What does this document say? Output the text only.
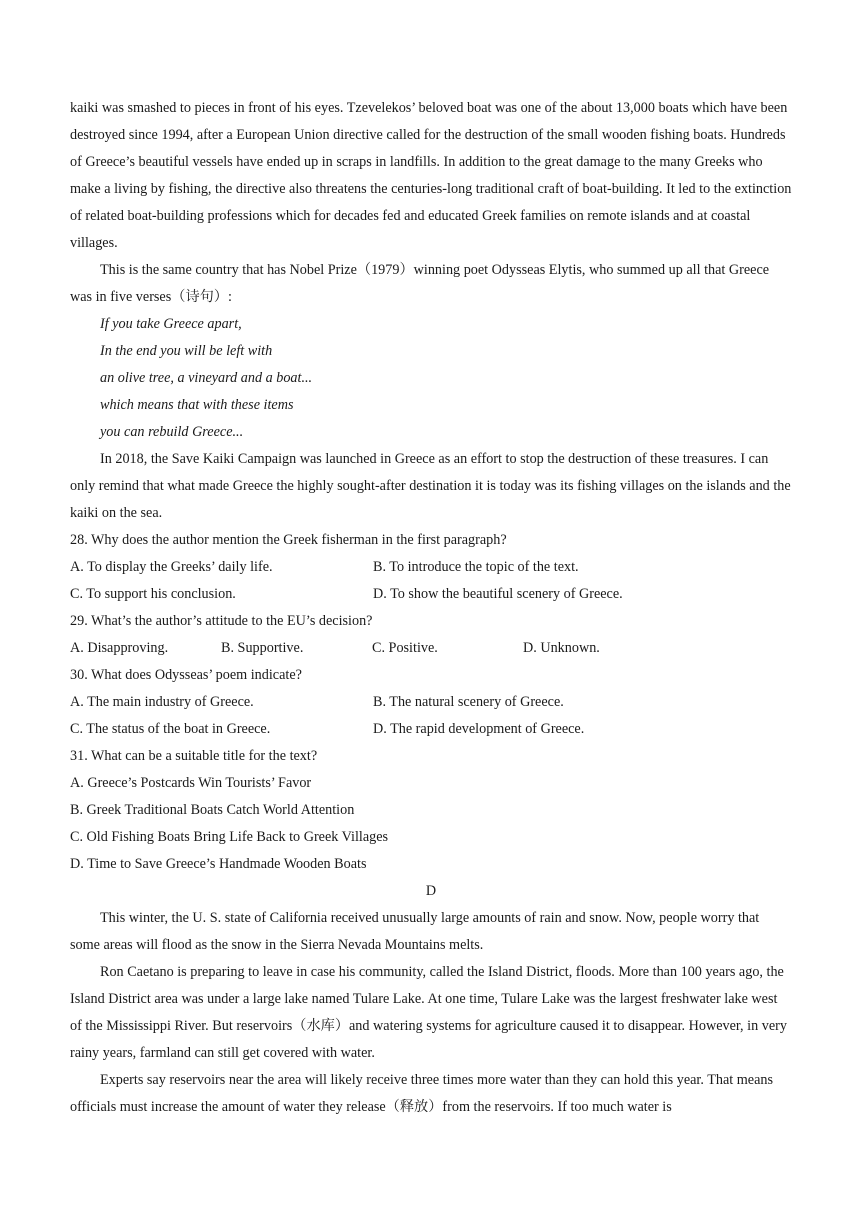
kaiki was smashed to pieces in front of his eyes. Tzevelekos’ beloved boat was one of the about 13,000 boats which have been destroyed since 1994, after a European Union directive called for the destruction of the small wooden fishing boats. Hundreds of Greece’s beautiful vessels have ended up in scraps in landfills. In addition to the great damage to the many Greeks who make a living by fishing, the directive also threatens the centuries-long traditional craft of boat-building. It led to the extinction of related boat-building professions which for decades fed and educated Greek families on remote islands and at coastal villages.

This is the same country that has Nobel Prize（1979）winning poet Odysseas Elytis, who summed up all that Greece was in five verses（诗句）:

If you take Greece apart,

In the end you will be left with

an olive tree, a vineyard and a boat...

which means that with these items

you can rebuild Greece...

In 2018, the Save Kaiki Campaign was launched in Greece as an effort to stop the destruction of these treasures. I can only remind that what made Greece the highly sought-after destination it is today was its fishing villages on the islands and the kaiki on the sea.

28. Why does the author mention the Greek fisherman in the first paragraph?

A. To display the Greeks’ daily life.	B. To introduce the topic of the text.
C. To support his conclusion.	D. To show the beautiful scenery of Greece.

29. What’s the author’s attitude to the EU’s decision?

A. Disapproving.	B. Supportive.	C. Positive.	D. Unknown.

30. What does Odysseas’ poem indicate?

A. The main industry of Greece.	B. The natural scenery of Greece.
C. The status of the boat in Greece.	D. The rapid development of Greece.

31. What can be a suitable title for the text?

A. Greece’s Postcards Win Tourists’ Favor

B. Greek Traditional Boats Catch World Attention

C. Old Fishing Boats Bring Life Back to Greek Villages

D. Time to Save Greece’s Handmade Wooden Boats

D

This winter, the U. S. state of California received unusually large amounts of rain and snow. Now, people worry that some areas will flood as the snow in the Sierra Nevada Mountains melts.

Ron Caetano is preparing to leave in case his community, called the Island District, floods. More than 100 years ago, the Island District area was under a large lake named Tulare Lake. At one time, Tulare Lake was the largest freshwater lake west of the Mississippi River. But reservoirs（水库）and watering systems for agriculture caused it to disappear. However, in very rainy years, farmland can still get covered with water.

Experts say reservoirs near the area will likely receive three times more water than they can hold this year. That means officials must increase the amount of water they release（释放）from the reservoirs. If too much water is
